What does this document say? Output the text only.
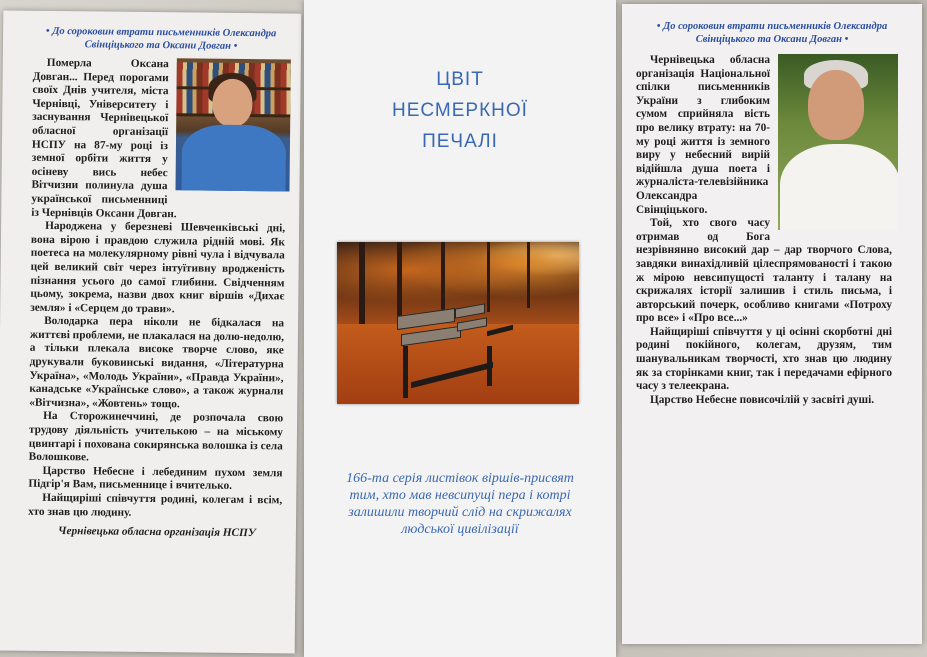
• До сороковин втрати письменників Олександра Свінціцького та Оксани Довган •

Померла Оксана Довган... Перед порогами своїх Днів учителя, міста Чернівці, Університету і заснування Чернівецької обласної організації НСПУ на 87-му році із земної орбіти життя у осіневу вись небес Вітчизни полинула душа української письменниці із Чернівців Оксани Довган.

Народжена у березневі Шевченківські дні, вона вірою і правдою служила рідній мові. Як поетеса на молекулярному рівні чула і відчувала цей великий світ через інтуїтивну вродженість пізнання усього до самої глибини. Свідченням цьому, зокрема, назви двох книг віршів «Дихає земля» і «Серцем до трави».

Володарка пера ніколи не бідкалася на життєві проблеми, не плакалася на долю-недолю, а тільки плекала високе творче слово, яке друкували буковинські видання, «Літературна Україна», «Молодь України», «Правда України», канадське «Українське слово», а також журнали «Вітчизна», «Жовтень» тощо.

На Сторожинеччині, де розпочала свою трудову діяльність учителькою – на міському цвинтарі і похована сокирянська волошка із села Волошкове.

Царство Небесне і лебединим пухом земля Підгір'я Вам, письменнице і вчителько.

Найщиріші співчуття родині, колегам і всім, хто знав цю людину.

Чернівецька обласна організація НСПУ
ЦВІТ
НЕСМЕРКНОЇ
ПЕЧАЛІ
166-та серія листівок віршів-присвят тим, хто мав невсипущі пера і котрі залишили творчий слід на скрижалях людської цивілізації
• До сороковин втрати письменників Олександра Свінціцького та Оксани Довган •

Чернівецька обласна організація Національної спілки письменників України з глибоким сумом сприйняла вість про велику втрату: на 70-му році життя із земного виру у небесний вирій відійшла душа поета і журналіста-телевізійника Олександра Свінціцького.

Той, хто свого часу отримав од Бога незрівнянно високий дар – дар творчого Слова, завдяки винахідливій цілеспрямованості і такою ж мірою невсипущості таланту і талану на скрижалях історії залишив і стиль письма, і авторський почерк, особливо книгами «Потроху про все» і «Про все...»

Найщиріші співчуття у ці осінні скорботні дні родині покійного, колегам, друзям, тим шанувальникам творчості, хто знав цю людину як за сторінками книг, так і передачами ефірного часу з телеекрана.

Царство Небесне повисочілій у засвіті душі.
